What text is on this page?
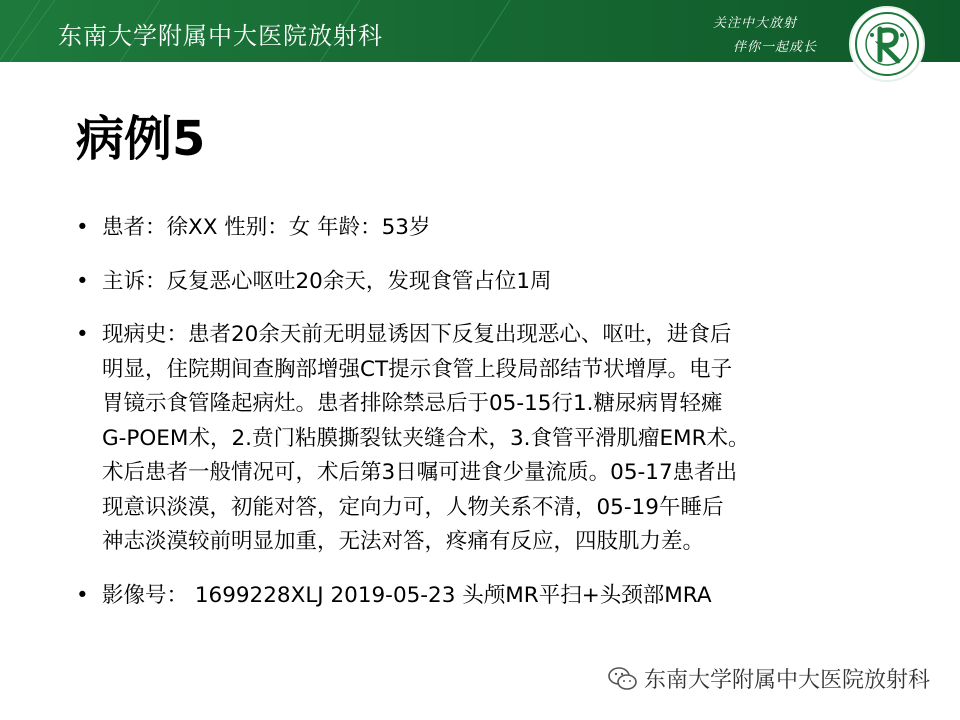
东南大学附属中大医院放射科	关注中大放射
伴你一起成长
病例5
• 患者：徐XX 性别：女 年龄：53岁
• 主诉：反复恶心呕吐20余天，发现食管占位1周
• 现病史：患者20余天前无明显诱因下反复出现恶心、呕吐，进食后
明显，住院期间查胸部增强CT提示食管上段局部结节状增厚。电子
胃镜示食管隆起病灶。患者排除禁忌后于05-15行1.糖尿病胃轻瘫
G-POEM术，2.贲门粘膜撕裂钛夹缝合术，3.食管平滑肌瘤EMR术。
术后患者一般情况可，术后第3日嘱可进食少量流质。05-17患者出
现意识淡漠，初能对答，定向力可，人物关系不清，05-19午睡后
神志淡漠较前明显加重，无法对答，疼痛有反应，四肢肌力差。
• 影像号： 1699228XLJ 2019-05-23 头颅MR平扫+头颈部MRA
东南大学附属中大医院放射科
